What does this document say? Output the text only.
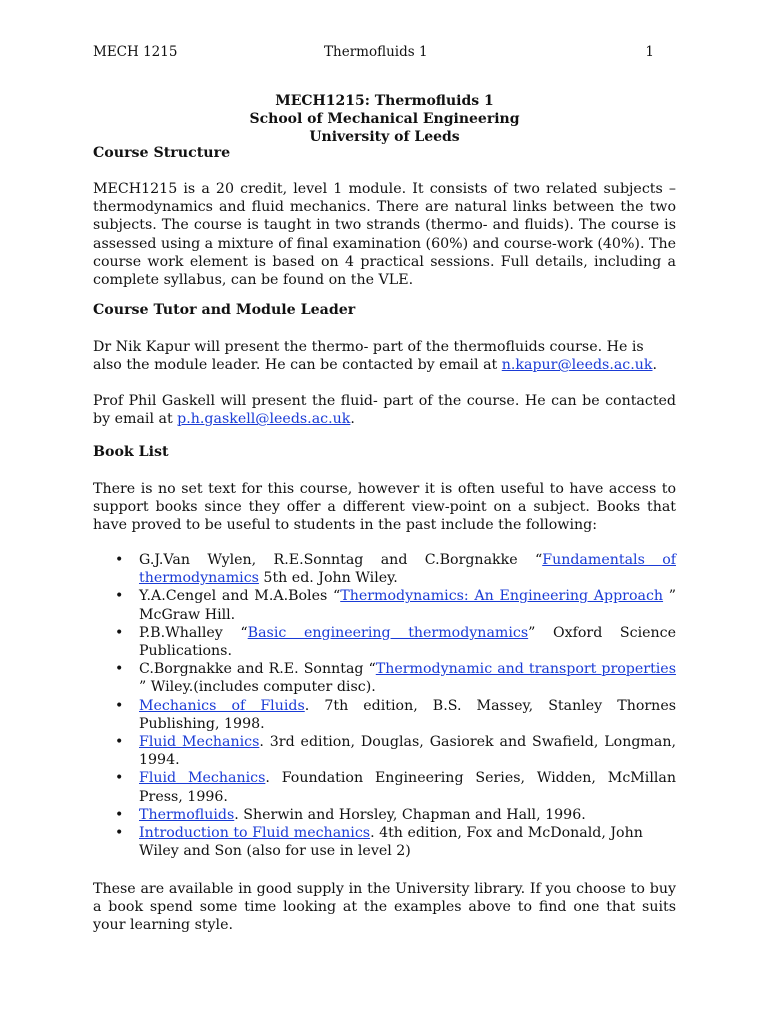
MECH 1215	Thermofluids 1	1
MECH1215: Thermofluids 1
School of Mechanical Engineering
University of Leeds
Course Structure
MECH1215 is a 20 credit, level 1 module. It consists of two related subjects – thermodynamics and fluid mechanics. There are natural links between the two subjects. The course is taught in two strands (thermo- and fluids). The course is assessed using a mixture of final examination (60%) and course-work (40%). The course work element is based on 4 practical sessions. Full details, including a complete syllabus, can be found on the VLE.
Course Tutor and Module Leader
Dr Nik Kapur will present the thermo- part of the thermofluids course. He is also the module leader. He can be contacted by email at n.kapur@leeds.ac.uk.
Prof Phil Gaskell will present the fluid- part of the course. He can be contacted by email at p.h.gaskell@leeds.ac.uk.
Book List
There is no set text for this course, however it is often useful to have access to support books since they offer a different view-point on a subject. Books that have proved to be useful to students in the past include the following:
• G.J.Van Wylen, R.E.Sonntag and C.Borgnakke “Fundamentals of thermodynamics 5th ed. John Wiley.
• Y.A.Cengel and M.A.Boles “Thermodynamics: An Engineering Approach ” McGraw Hill.
• P.B.Whalley “Basic engineering thermodynamics” Oxford Science Publications.
• C.Borgnakke and R.E. Sonntag “Thermodynamic and transport properties ” Wiley.(includes computer disc).
• Mechanics of Fluids. 7th edition, B.S. Massey, Stanley Thornes Publishing, 1998.
• Fluid Mechanics. 3rd edition, Douglas, Gasiorek and Swafield, Longman, 1994.
• Fluid Mechanics. Foundation Engineering Series, Widden, McMillan Press, 1996.
• Thermofluids. Sherwin and Horsley, Chapman and Hall, 1996.
• Introduction to Fluid mechanics. 4th edition, Fox and McDonald, John Wiley and Son (also for use in level 2)
These are available in good supply in the University library. If you choose to buy a book spend some time looking at the examples above to find one that suits your learning style.
